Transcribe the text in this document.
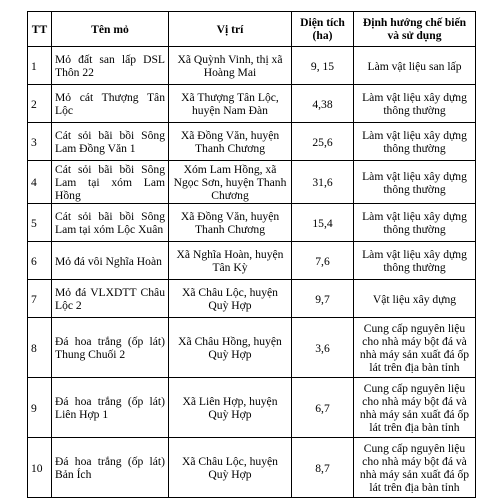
TT	Tên mỏ	Vị trí	Diện tích (ha)	Định hướng chế biến và sử dụng
1	Mỏ đất san lấp DSL Thôn 22	Xã Quỳnh Vinh, thị xã Hoàng Mai	9, 15	Làm vật liệu san lấp
2	Mỏ cát Thượng Tân Lộc	Xã Thượng Tân Lộc, huyện Nam Đàn	4,38	Làm vật liệu xây dựng thông thường
3	Cát sỏi bãi bồi Sông Lam Đồng Văn 1	Xã Đồng Văn, huyện Thanh Chương	25,6	Làm vật liệu xây dựng thông thường
4	Cát sỏi bãi bồi Sông Lam tại xóm Lam Hồng	Xóm Lam Hồng, xã Ngọc Sơn, huyện Thanh Chương	31,6	Làm vật liệu xây dựng thông thường
5	Cát sỏi bãi bồi Sông Lam tại xóm Lộc Xuân	Xã Đồng Văn, huyện Thanh Chương	15,4	Làm vật liệu xây dựng thông thường
6	Mỏ đá vôi Nghĩa Hoàn	Xã Nghĩa Hoàn, huyện Tân Kỳ	7,6	Làm vật liệu xây dựng thông thường
7	Mỏ đá VLXDTT Châu Lộc 2	Xã Châu Lộc, huyện Quỳ Hợp	9,7	Vật liệu xây dựng
8	Đá hoa trắng (ốp lát) Thung Chuối 2	Xã Châu Hồng, huyện Quỳ Hợp	3,6	Cung cấp nguyên liệu cho nhà máy bột đá và nhà máy sản xuất đá ốp lát trên địa bàn tỉnh
9	Đá hoa trắng (ốp lát) Liên Hợp 1	Xã Liên Hợp, huyện Quỳ Hợp	6,7	Cung cấp nguyên liệu cho nhà máy bột đá và nhà máy sản xuất đá ốp lát trên địa bàn tỉnh
10	Đá hoa trắng (ốp lát) Bản Ích	Xã Châu Lộc, huyện Quỳ Hợp	8,7	Cung cấp nguyên liệu cho nhà máy bột đá và nhà máy sản xuất đá ốp lát trên địa bàn tỉnh
